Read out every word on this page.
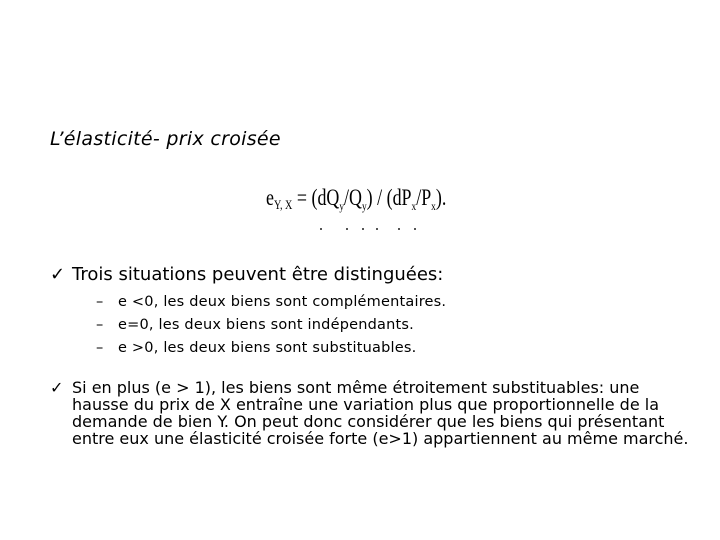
L’élasticité- prix croisée
$e_{Y, X} = (dQ_y/Q_y) / (dP_x/P_x)$.
✓ Trois situations peuvent être distinguées:
– e <0, les deux biens sont complémentaires.
– e=0, les deux biens sont indépendants.
– e >0, les deux biens sont substituables.
✓ Si en plus (e > 1), les biens sont même étroitement substituables: une hausse du prix de X entraîne une variation plus que proportionnelle de la demande de bien Y. On peut donc considérer que les biens qui présentant entre eux une élasticité croisée forte (e>1) appartiennent au même marché.
